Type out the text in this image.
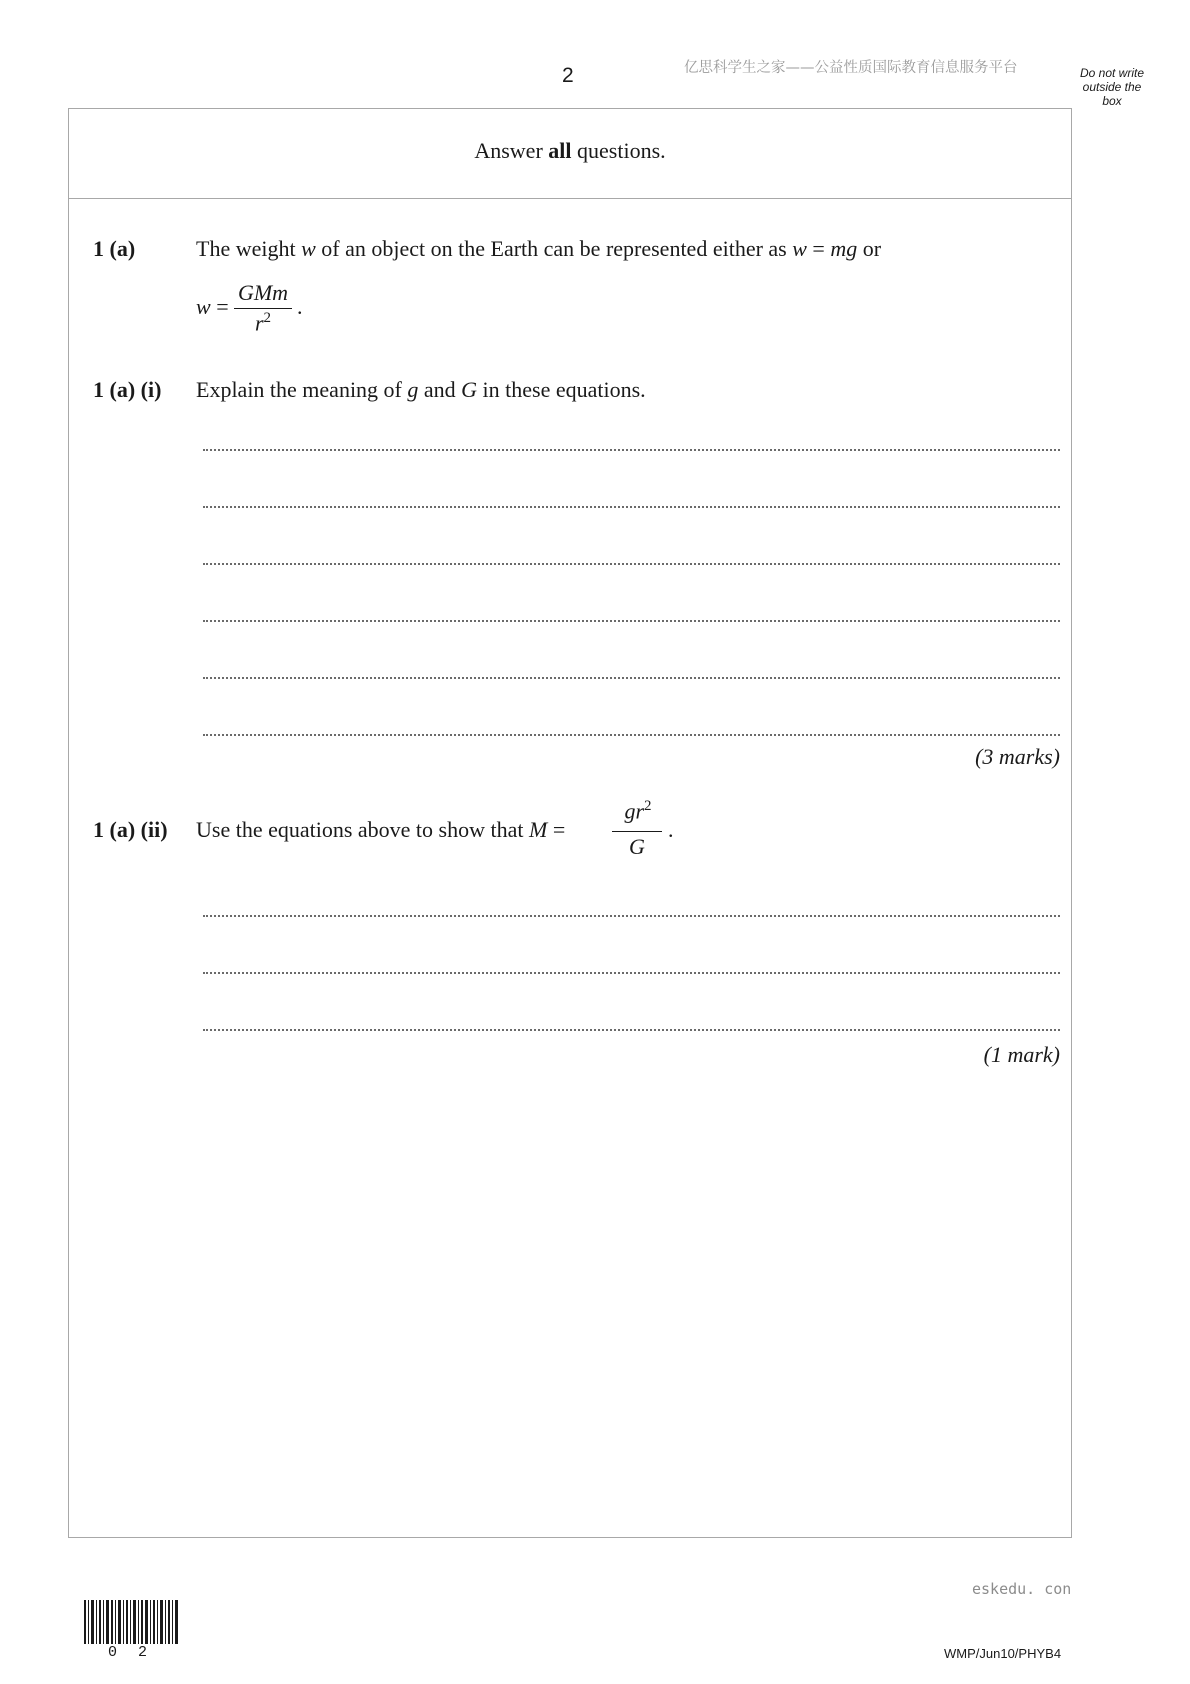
2	亿思科学生之家——公益性质国际教育信息服务平台	Do not write
outside the
box
Answer all questions.
1 (a)	The weight w of an object on the Earth can be represented either as w = mg or
w =
GMm
$r^2$	.
1 (a) (i) Explain the meaning of g and G in these equations.
(3 marks)
1 (a) (ii) Use the equations above to show that M =
$gr^2$
G
.
(1 mark)
eskedu. con
0 2	WMP/Jun10/PHYB4
